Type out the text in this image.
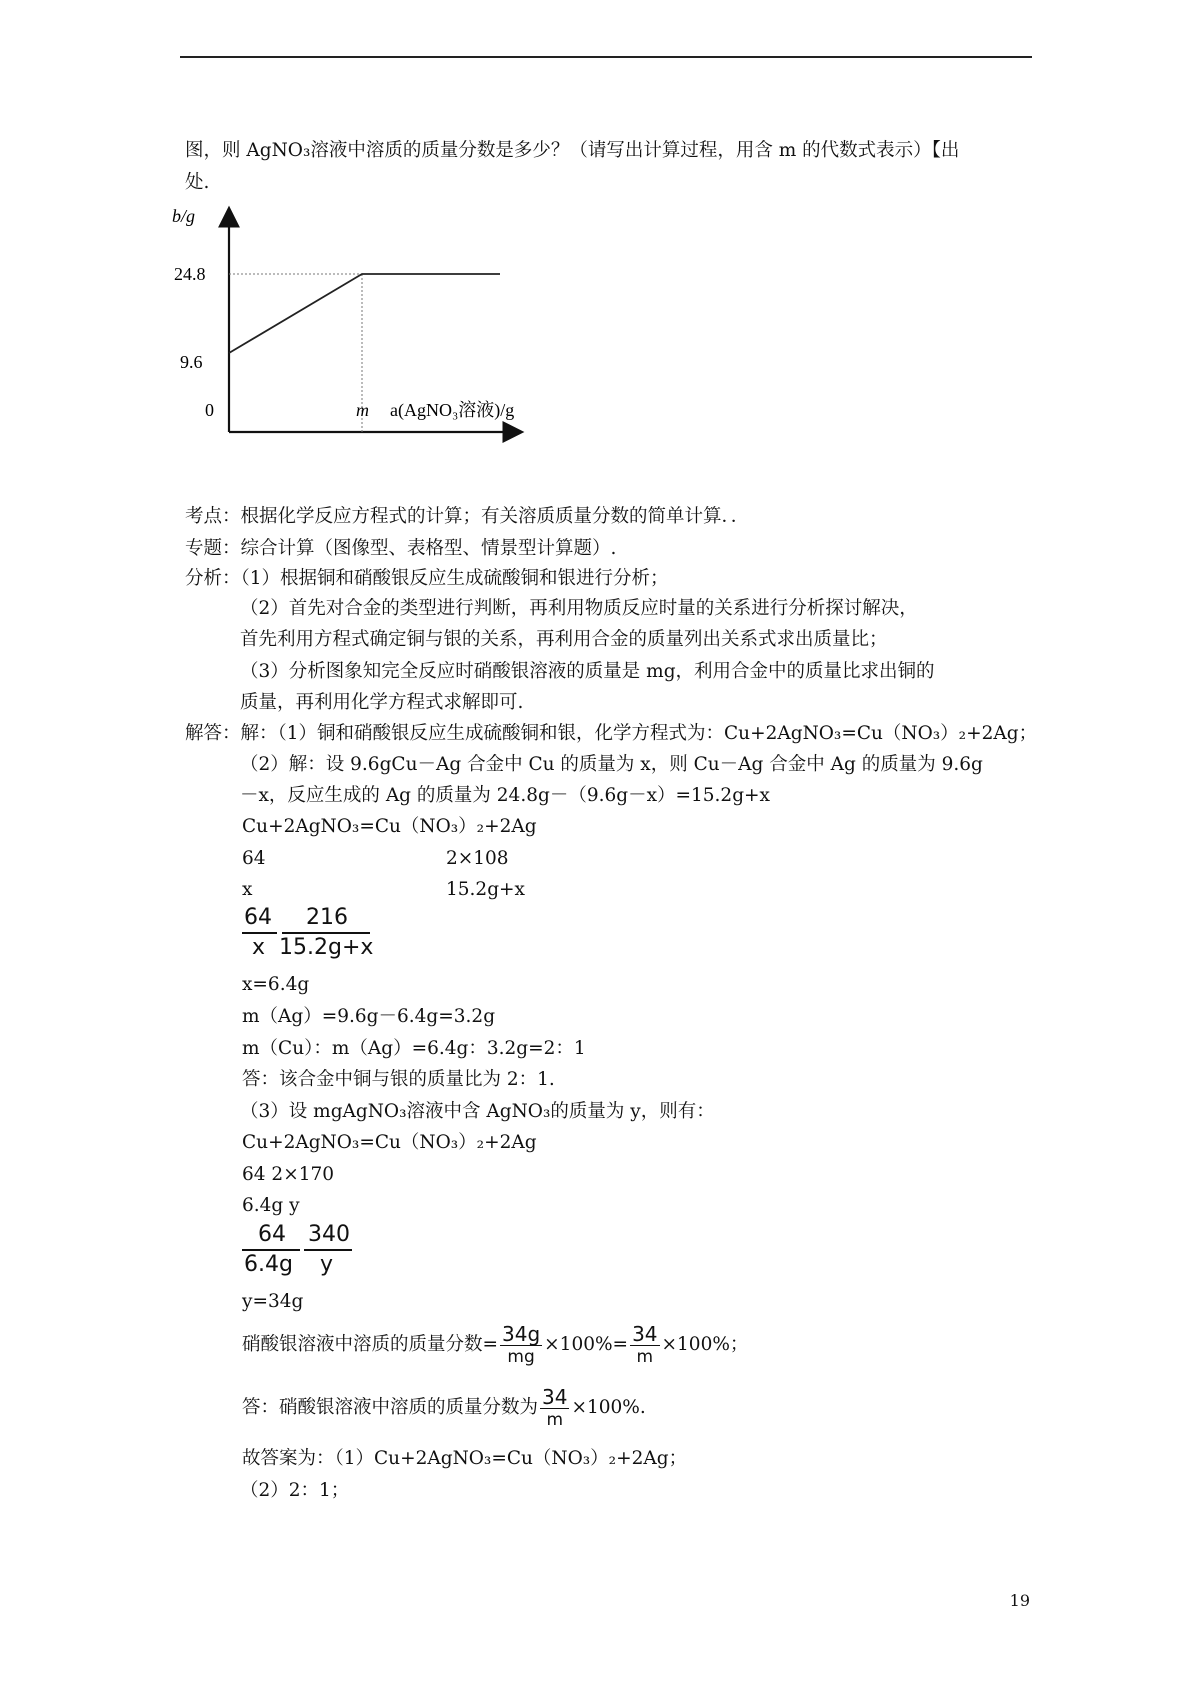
图，则 AgNO₃溶液中溶质的质量分数是多少？（请写出计算过程，用含 m 的代数式表示）【出
处.
b/g
24.8
9.6
0	m a(AgNO₃溶液)/g
考点：根据化学反应方程式的计算；有关溶质质量分数的简单计算．．
专题：综合计算（图像型、表格型、情景型计算题）.
分析：（1）根据铜和硝酸银反应生成硫酸铜和银进行分析；
（2）首先对合金的类型进行判断，再利用物质反应时量的关系进行分析探讨解决，
首先利用方程式确定铜与银的关系，再利用合金的质量列出关系式求出质量比；
（3）分析图象知完全反应时硝酸银溶液的质量是 mg，利用合金中的质量比求出铜的
质量，再利用化学方程式求解即可.
解答：解：（1）铜和硝酸银反应生成硫酸铜和银，化学方程式为：Cu+2AgNO₃=Cu（NO₃）₂+2Ag；
（2）解：设 9.6gCu－Ag 合金中 Cu 的质量为 x，则 Cu－Ag 合金中 Ag 的质量为 9.6g
－x，反应生成的 Ag 的质量为 24.8g－（9.6g－x）=15.2g+x
Cu+2AgNO₃=Cu（NO₃）₂+2Ag
64	2×108
x	15.2g+x
64 216
x 15.2g+x
x=6.4g
m（Ag）=9.6g－6.4g=3.2g
m（Cu）：m（Ag）=6.4g：3.2g=2：1
答：该合金中铜与银的质量比为 2：1.
（3）设 mgAgNO₃溶液中含 AgNO₃的质量为 y，则有：
Cu+2AgNO₃=Cu（NO₃）₂+2Ag
64 2×170
6.4g y
64 340
6.4g y
y=34g
硝酸银溶液中溶质的质量分数= $\frac{34g}{mg} \times 100\%= \frac{34}{m} \times 100\%$；
答：硝酸银溶液中溶质的质量分数为 $\frac{34}{m} \times 100\%$.
故答案为：（1）Cu+2AgNO₃=Cu（NO₃）₂+2Ag；
（2）2：1；
19
